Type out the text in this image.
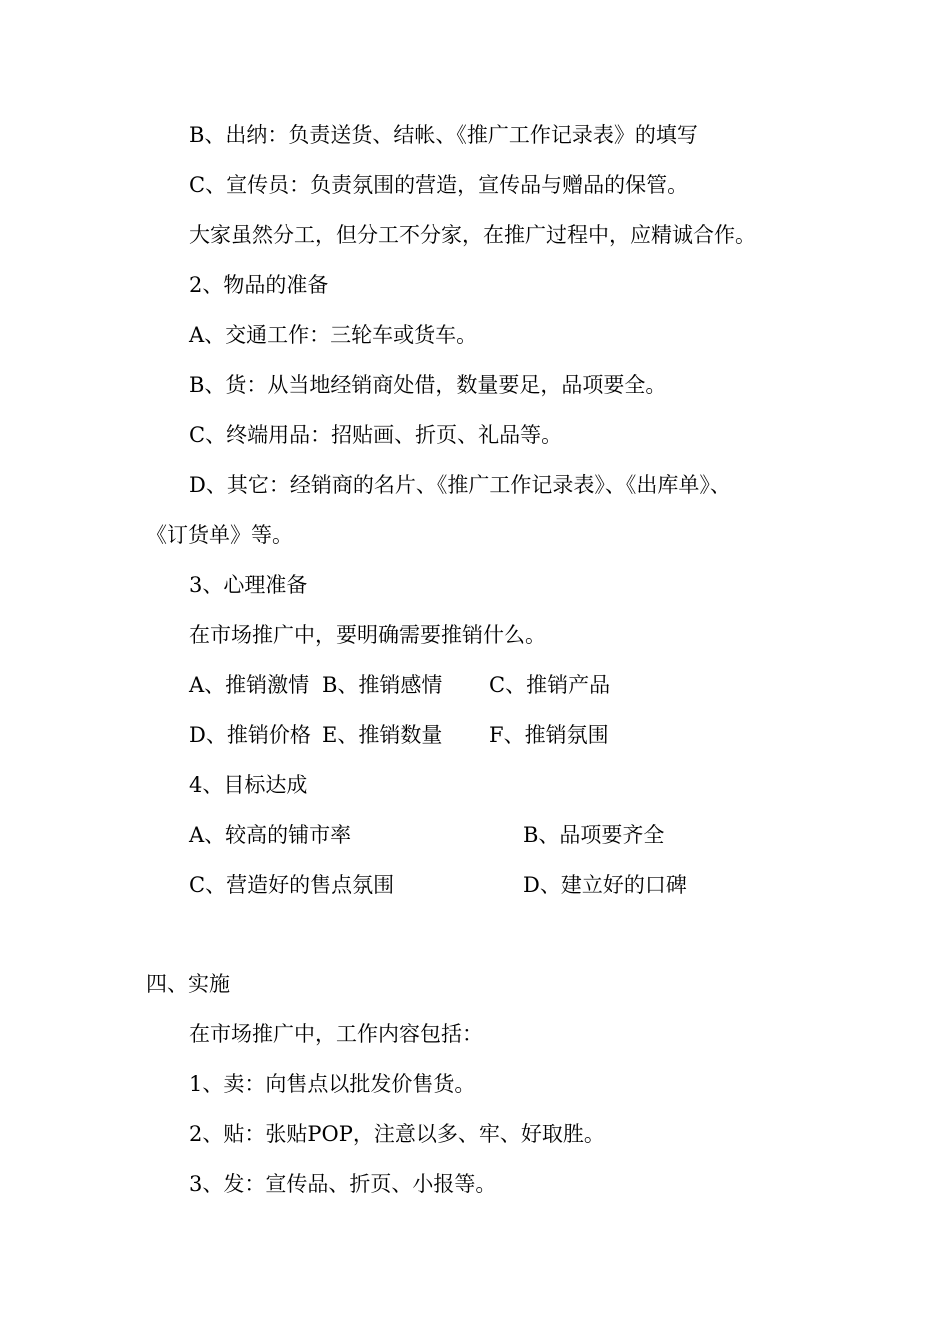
B、出纳：负责送货、结帐、《推广工作记录表》的填写
C、宣传员：负责氛围的营造，宣传品与赠品的保管。
大家虽然分工，但分工不分家，在推广过程中，应精诚合作。
2、物品的准备
A、交通工作：三轮车或货车。
B、货：从当地经销商处借，数量要足，品项要全。
C、终端用品：招贴画、折页、礼品等。
D、其它：经销商的名片、《推广工作记录表》、《出库单》、
《订货单》等。
3、心理准备
在市场推广中，要明确需要推销什么。
A、推销激情 B、推销感情 C、推销产品
D、推销价格 E、推销数量 F、推销氛围
4、目标达成
A、较高的铺市率	B、品项要齐全
C、营造好的售点氛围	D、建立好的口碑
四、实施
在市场推广中，工作内容包括：
1、卖：向售点以批发价售货。
2、贴：张贴POP，注意以多、牢、好取胜。
3、发：宣传品、折页、小报等。
